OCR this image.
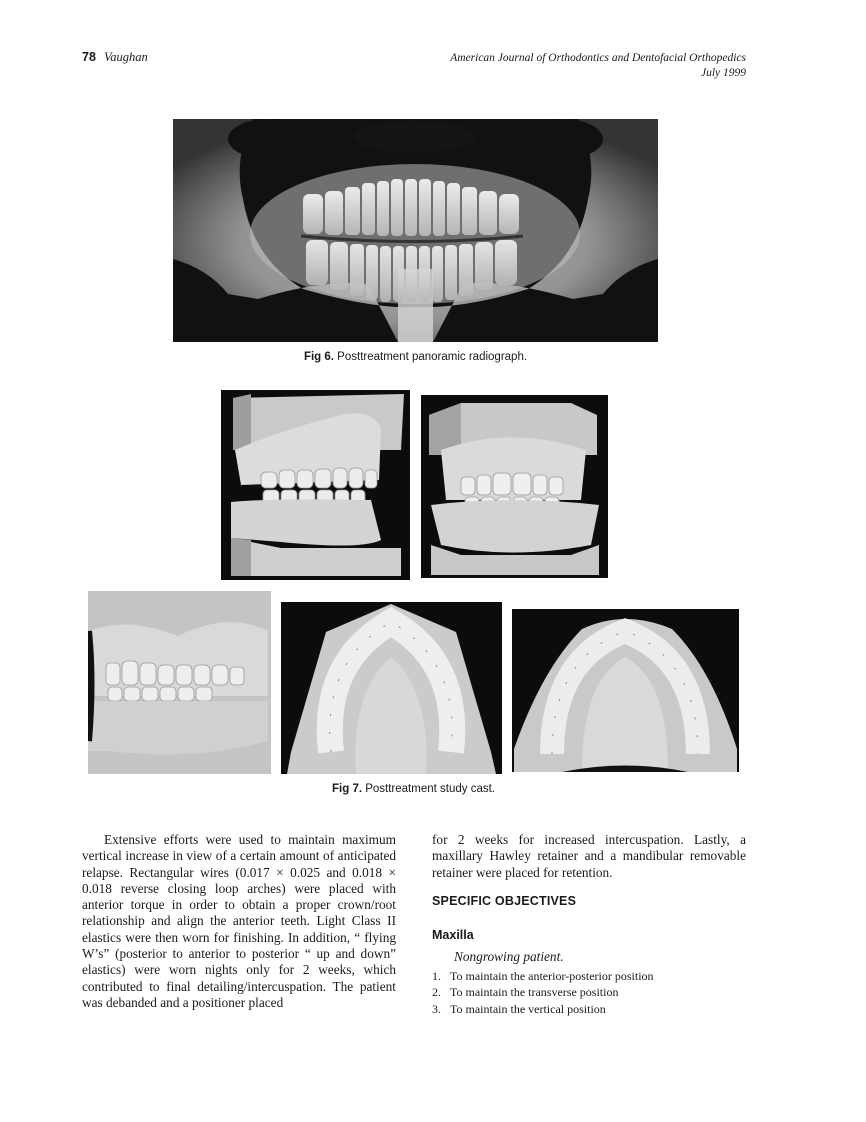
78 Vaughan	American Journal of Orthodontics and Dentofacial Orthopedics
July 1999
Fig 6. Posttreatment panoramic radiograph.
Fig 7. Posttreatment study cast.

Extensive efforts were used to maintain maximum vertical increase in view of a certain amount of anticipated relapse. Rectangular wires (0.017 × 0.025 and 0.018 × 0.018 reverse closing loop arches) were placed with anterior torque in order to obtain a proper crown/root relationship and align the anterior teeth. Light Class II elastics were then worn for finishing. In addition, “ flying W’s” (posterior to anterior to posterior “ up and down” elastics) were worn nights only for 2 weeks, which contributed to final detailing/intercuspation. The patient was debanded and a positioner placed

for 2 weeks for increased intercuspation. Lastly, a maxillary Hawley retainer and a mandibular removable retainer were placed for retention.

SPECIFIC OBJECTIVES

Maxilla

Nongrowing patient.

1. To maintain the anterior-posterior position
2. To maintain the transverse position
3. To maintain the vertical position
